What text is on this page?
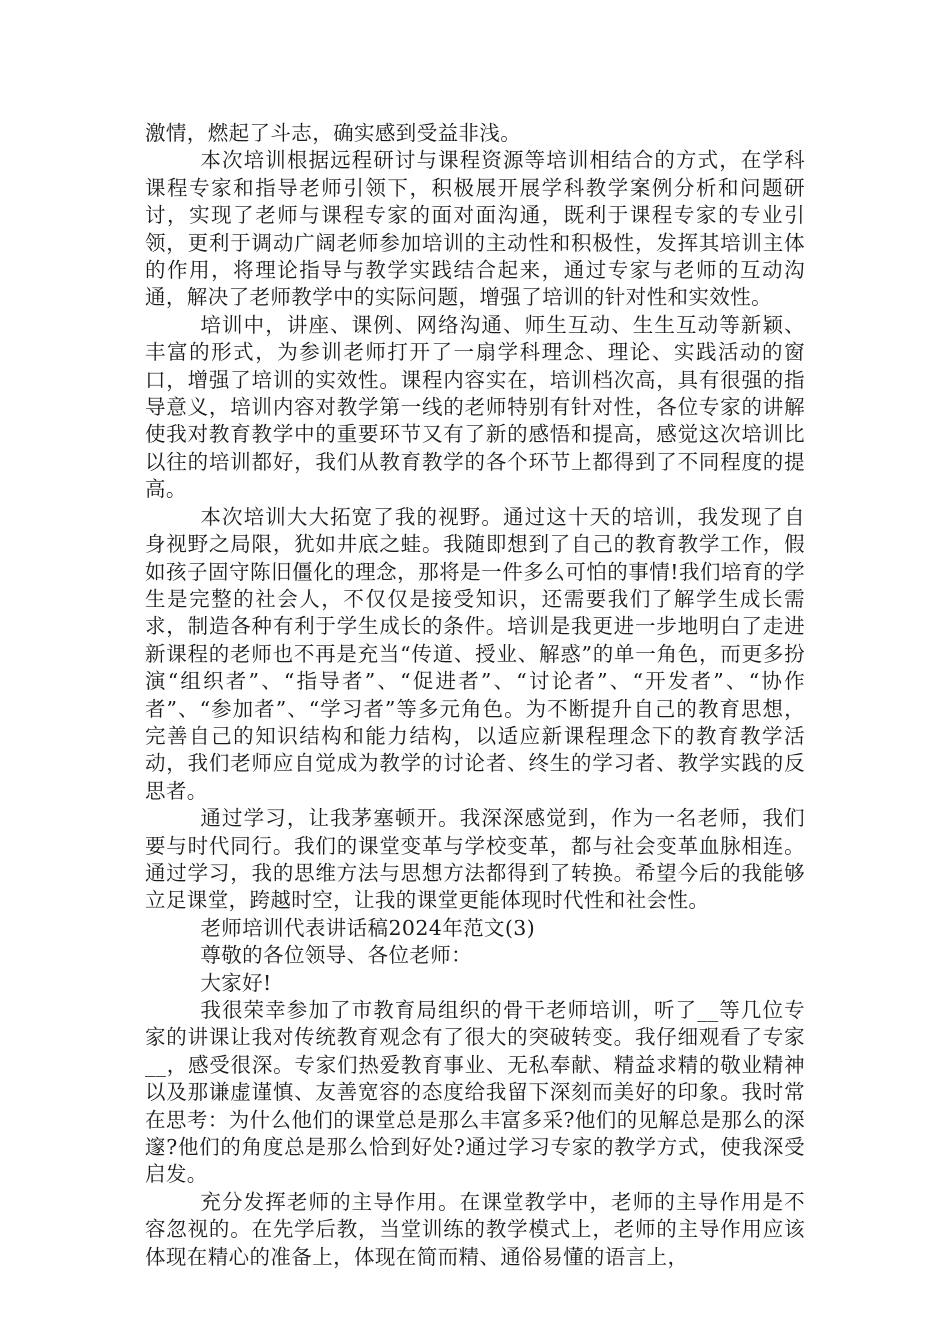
激情，燃起了斗志，确实感到受益非浅。

本次培训根据远程研讨与课程资源等培训相结合的方式，在学科课程专家和指导老师引领下，积极展开展学科教学案例分析和问题研讨，实现了老师与课程专家的面对面沟通，既利于课程专家的专业引领，更利于调动广阔老师参加培训的主动性和积极性，发挥其培训主体的作用，将理论指导与教学实践结合起来，通过专家与老师的互动沟通，解决了老师教学中的实际问题，增强了培训的针对性和实效性。

培训中，讲座、课例、网络沟通、师生互动、生生互动等新颖、丰富的形式，为参训老师打开了一扇学科理念、理论、实践活动的窗口，增强了培训的实效性。课程内容实在，培训档次高，具有很强的指导意义，培训内容对教学第一线的老师特别有针对性，各位专家的讲解使我对教育教学中的重要环节又有了新的感悟和提高，感觉这次培训比以往的培训都好，我们从教育教学的各个环节上都得到了不同程度的提高。

本次培训大大拓宽了我的视野。通过这十天的培训，我发现了自身视野之局限，犹如井底之蛙。我随即想到了自己的教育教学工作，假如孩子固守陈旧僵化的理念，那将是一件多么可怕的事情!我们培育的学生是完整的社会人，不仅仅是接受知识，还需要我们了解学生成长需求，制造各种有利于学生成长的条件。培训是我更进一步地明白了走进新课程的老师也不再是充当“传道、授业、解惑”的单一角色，而更多扮演“组织者”、“指导者”、“促进者”、“讨论者”、“开发者”、“协作者”、“参加者”、“学习者”等多元角色。为不断提升自己的教育思想，完善自己的知识结构和能力结构，以适应新课程理念下的教育教学活动，我们老师应自觉成为教学的讨论者、终生的学习者、教学实践的反思者。

通过学习，让我茅塞顿开。我深深感觉到，作为一名老师，我们要与时代同行。我们的课堂变革与学校变革，都与社会变革血脉相连。通过学习，我的思维方法与思想方法都得到了转换。希望今后的我能够立足课堂，跨越时空，让我的课堂更能体现时代性和社会性。

老师培训代表讲话稿2024年范文(3)

尊敬的各位领导、各位老师：

大家好!

我很荣幸参加了市教育局组织的骨干老师培训，听了__等几位专家的讲课让我对传统教育观念有了很大的突破转变。我仔细观看了专家__，感受很深。专家们热爱教育事业、无私奉献、精益求精的敬业精神以及那谦虚谨慎、友善宽容的态度给我留下深刻而美好的印象。我时常在思考：为什么他们的课堂总是那么丰富多采?他们的见解总是那么的深邃?他们的角度总是那么恰到好处?通过学习专家的教学方式，使我深受启发。

充分发挥老师的主导作用。在课堂教学中，老师的主导作用是不容忽视的。在先学后教，当堂训练的教学模式上，老师的主导作用应该体现在精心的准备上，体现在简而精、通俗易懂的语言上，
